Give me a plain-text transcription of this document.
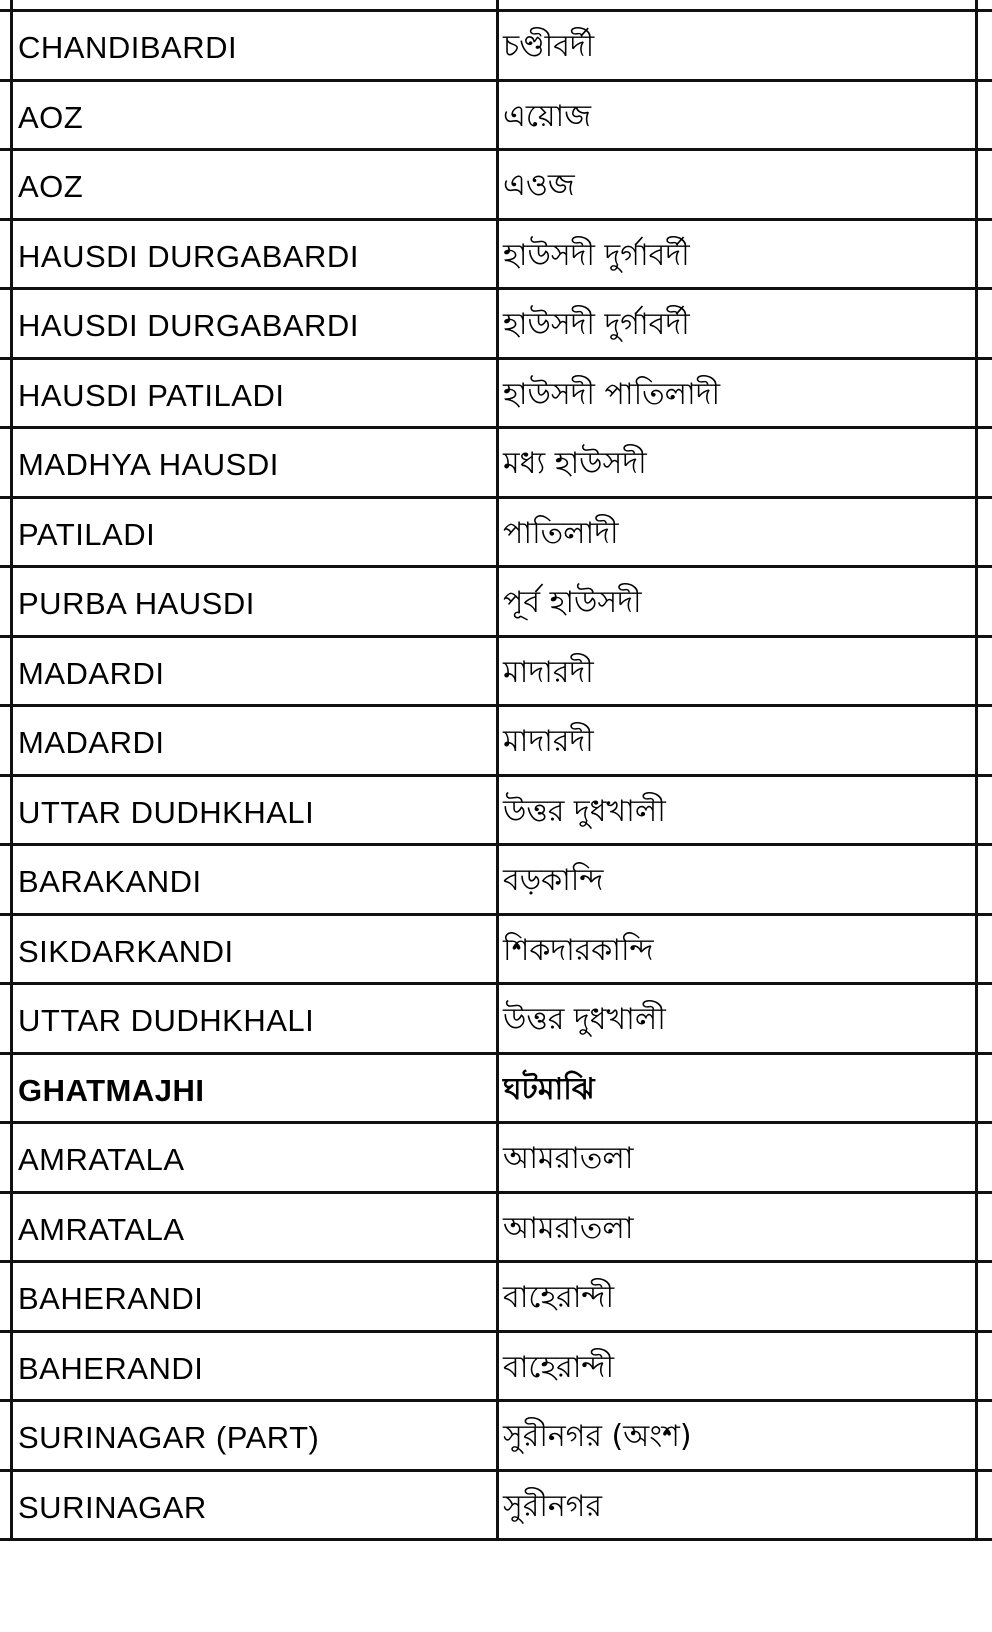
CHANDIBARDI	চণ্ডীবর্দী
AOZ	এয়োজ
AOZ	এওজ
HAUSDI DURGABARDI	হাউসদী দুর্গাবর্দী
HAUSDI DURGABARDI	হাউসদী দুর্গাবর্দী
HAUSDI PATILADI	হাউসদী পাতিলাদী
MADHYA HAUSDI	মধ্য হাউসদী
PATILADI	পাতিলাদী
PURBA HAUSDI	পূর্ব হাউসদী
MADARDI	মাদারদী
MADARDI	মাদারদী
UTTAR DUDHKHALI	উত্তর দুধখালী
BARAKANDI	বড়কান্দি
SIKDARKANDI	শিকদারকান্দি
UTTAR DUDHKHALI	উত্তর দুধখালী
GHATMAJHI	ঘটমাঝি
AMRATALA	আমরাতলা
AMRATALA	আমরাতলা
BAHERANDI	বাহেরান্দী
BAHERANDI	বাহেরান্দী
SURINAGAR (PART)	সুরীনগর (অংশ)
SURINAGAR	সুরীনগর
